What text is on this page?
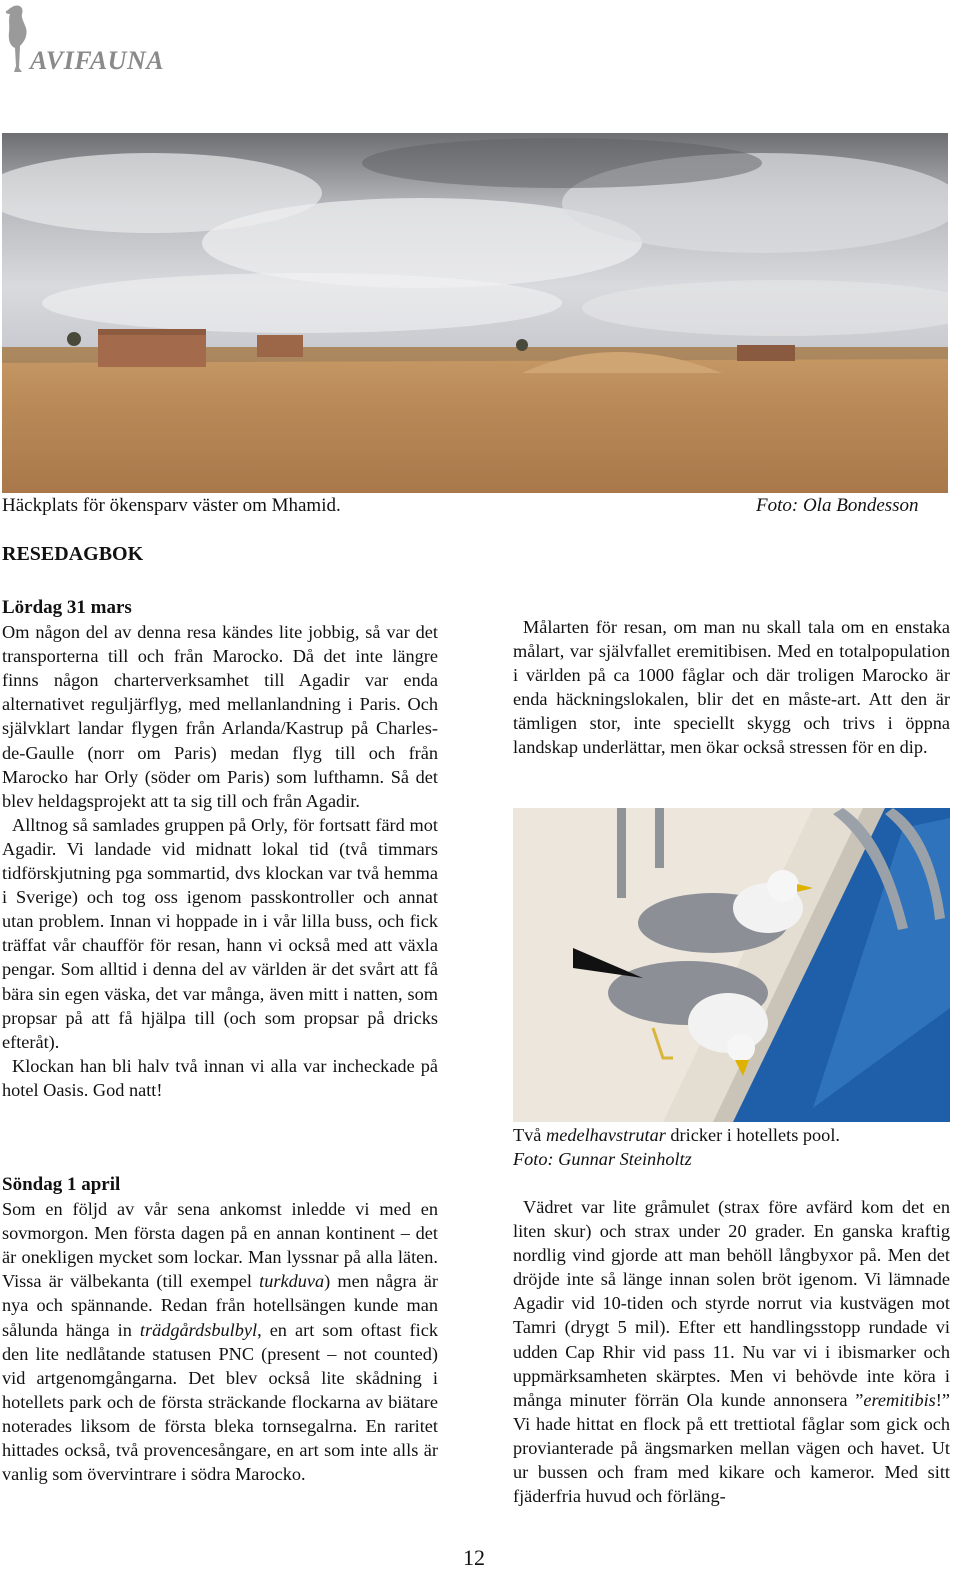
AVIFAUNA
Häckplats för ökensparv väster om Mhamid.	Foto: Ola Bondesson
RESEDAGBOK

Lördag 31 mars

Om någon del av denna resa kändes lite jobbig, så var det transporterna till och från Marocko. Då det inte längre finns någon charterverksamhet till Agadir var enda alternativet reguljärflyg, med mellanlandning i Paris. Och självklart landar flygen från Arlanda/Kastrup på Charles-de-Gaulle (norr om Paris) medan flyg till och från Marocko har Orly (söder om Paris) som lufthamn. Så det blev heldagsprojekt att ta sig till och från Agadir.

Alltnog så samlades gruppen på Orly, för fortsatt färd mot Agadir. Vi landade vid midnatt lokal tid (två timmars tidförskjutning pga sommartid, dvs klockan var två hemma i Sverige) och tog oss igenom passkontroller och annat utan problem. Innan vi hoppade in i vår lilla buss, och fick träffat vår chaufför för resan, hann vi också med att växla pengar. Som alltid i denna del av världen är det svårt att få bära sin egen väska, det var många, även mitt i natten, som propsar på att få hjälpa till (och som propsar på dricks efteråt).

Klockan han bli halv två innan vi alla var incheckade på hotel Oasis. God natt!

Söndag 1 april

Som en följd av vår sena ankomst inledde vi med en sovmorgon. Men första dagen på en annan kontinent – det är onekligen mycket som lockar. Man lyssnar på alla läten. Vissa är välbekanta (till exempel turkduva) men några är nya och spännande. Redan från hotellsängen kunde man sålunda hänga in trädgårdsbulbyl, en art som oftast fick den lite nedlåtande statusen PNC (present – not counted) vid artgenomgångarna. Det blev också lite skådning i hotellets park och de första sträckande flockarna av biätare noterades liksom de första bleka tornsegalrna. En raritet hittades också, två provencesångare, en art som inte alls är vanlig som övervintrare i södra Marocko.

Målarten för resan, om man nu skall tala om en enstaka målart, var självfallet eremitibisen. Med en totalpopulation i världen på ca 1000 fåglar och där troligen Marocko är enda häckningslokalen, blir det en måste-art. Att den är tämligen stor, inte speciellt skygg och trivs i öppna landskap underlättar, men ökar också stressen för en dip.

Två medelhavstrutar dricker i hotellets pool.
Foto: Gunnar Steinholtz

Vädret var lite gråmulet (strax före avfärd kom det en liten skur) och strax under 20 grader. En ganska kraftig nordlig vind gjorde att man behöll långbyxor på. Men det dröjde inte så länge innan solen bröt igenom. Vi lämnade Agadir vid 10-tiden och styrde norrut via kustvägen mot Tamri (drygt 5 mil). Efter ett handlingsstopp rundade vi udden Cap Rhir vid pass 11. Nu var vi i ibismarker och uppmärksamheten skärptes. Men vi behövde inte köra i många minuter förrän Ola kunde annonsera ”eremitibis!” Vi hade hittat en flock på ett trettiotal fåglar som gick och provianterade på ängsmarken mellan vägen och havet. Ut ur bussen och fram med kikare och kameror. Med sitt fjäderfria huvud och förläng-

12
